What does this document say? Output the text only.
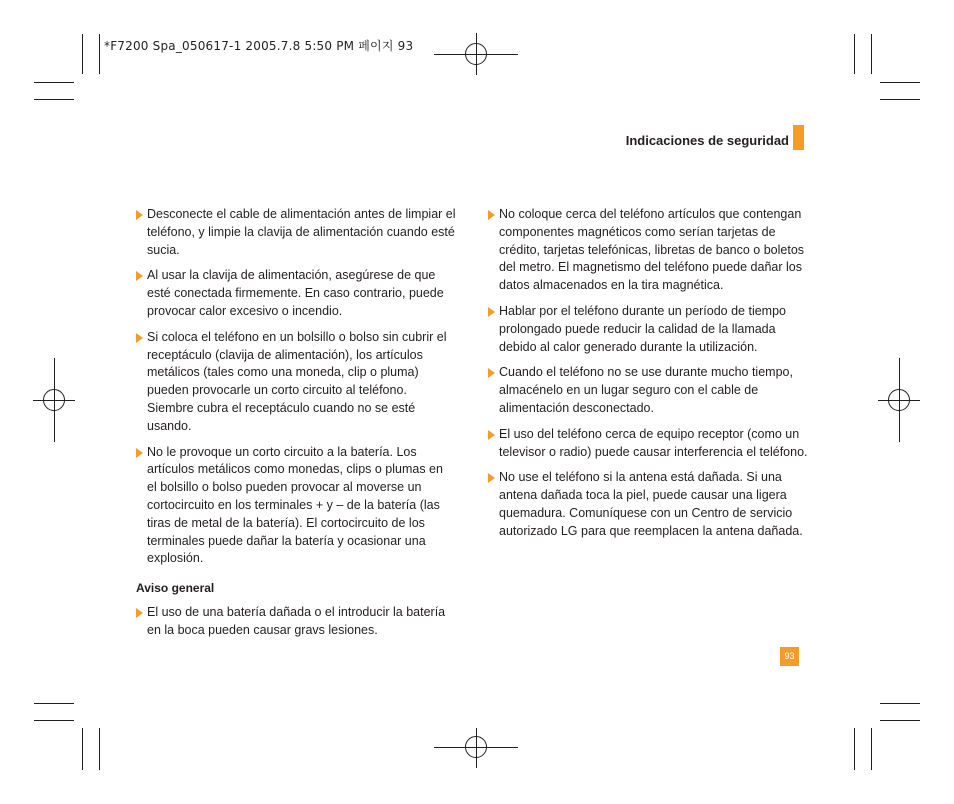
*F7200 Spa_050617-1 2005.7.8 5:50 PM 페이지 93
Indicaciones de seguridad
Desconecte el cable de alimentación antes de limpiar el teléfono, y limpie la clavija de alimentación cuando esté sucia.
Al usar la clavija de alimentación, asegúrese de que esté conectada firmemente. En caso contrario, puede provocar calor excesivo o incendio.
Si coloca el teléfono en un bolsillo o bolso sin cubrir el receptáculo (clavija de alimentación), los artículos metálicos (tales como una moneda, clip o pluma) pueden provocarle un corto circuito al teléfono. Siembre cubra el receptáculo cuando no se esté usando.
No le provoque un corto circuito a la batería. Los artículos metálicos como monedas, clips o plumas en el bolsillo o bolso pueden provocar al moverse un cortocircuito en los terminales + y – de la batería (las tiras de metal de la batería). El cortocircuito de los terminales puede dañar la batería y ocasionar una explosión.
Aviso general
El uso de una batería dañada o el introducir la batería en la boca pueden causar gravs lesiones.
No coloque cerca del teléfono artículos que contengan componentes magnéticos como serían tarjetas de crédito, tarjetas telefónicas, libretas de banco o boletos del metro. El magnetismo del teléfono puede dañar los datos almacenados en la tira magnética.
Hablar por el teléfono durante un período de tiempo prolongado puede reducir la calidad de la llamada debido al calor generado durante la utilización.
Cuando el teléfono no se use durante mucho tiempo, almacénelo en un lugar seguro con el cable de alimentación desconectado.
El uso del teléfono cerca de equipo receptor (como un televisor o radio) puede causar interferencia el teléfono.
No use el teléfono si la antena está dañada. Si una antena dañada toca la piel, puede causar una ligera quemadura. Comuníquese con un Centro de servicio autorizado LG para que reemplacen la antena dañada.
93
